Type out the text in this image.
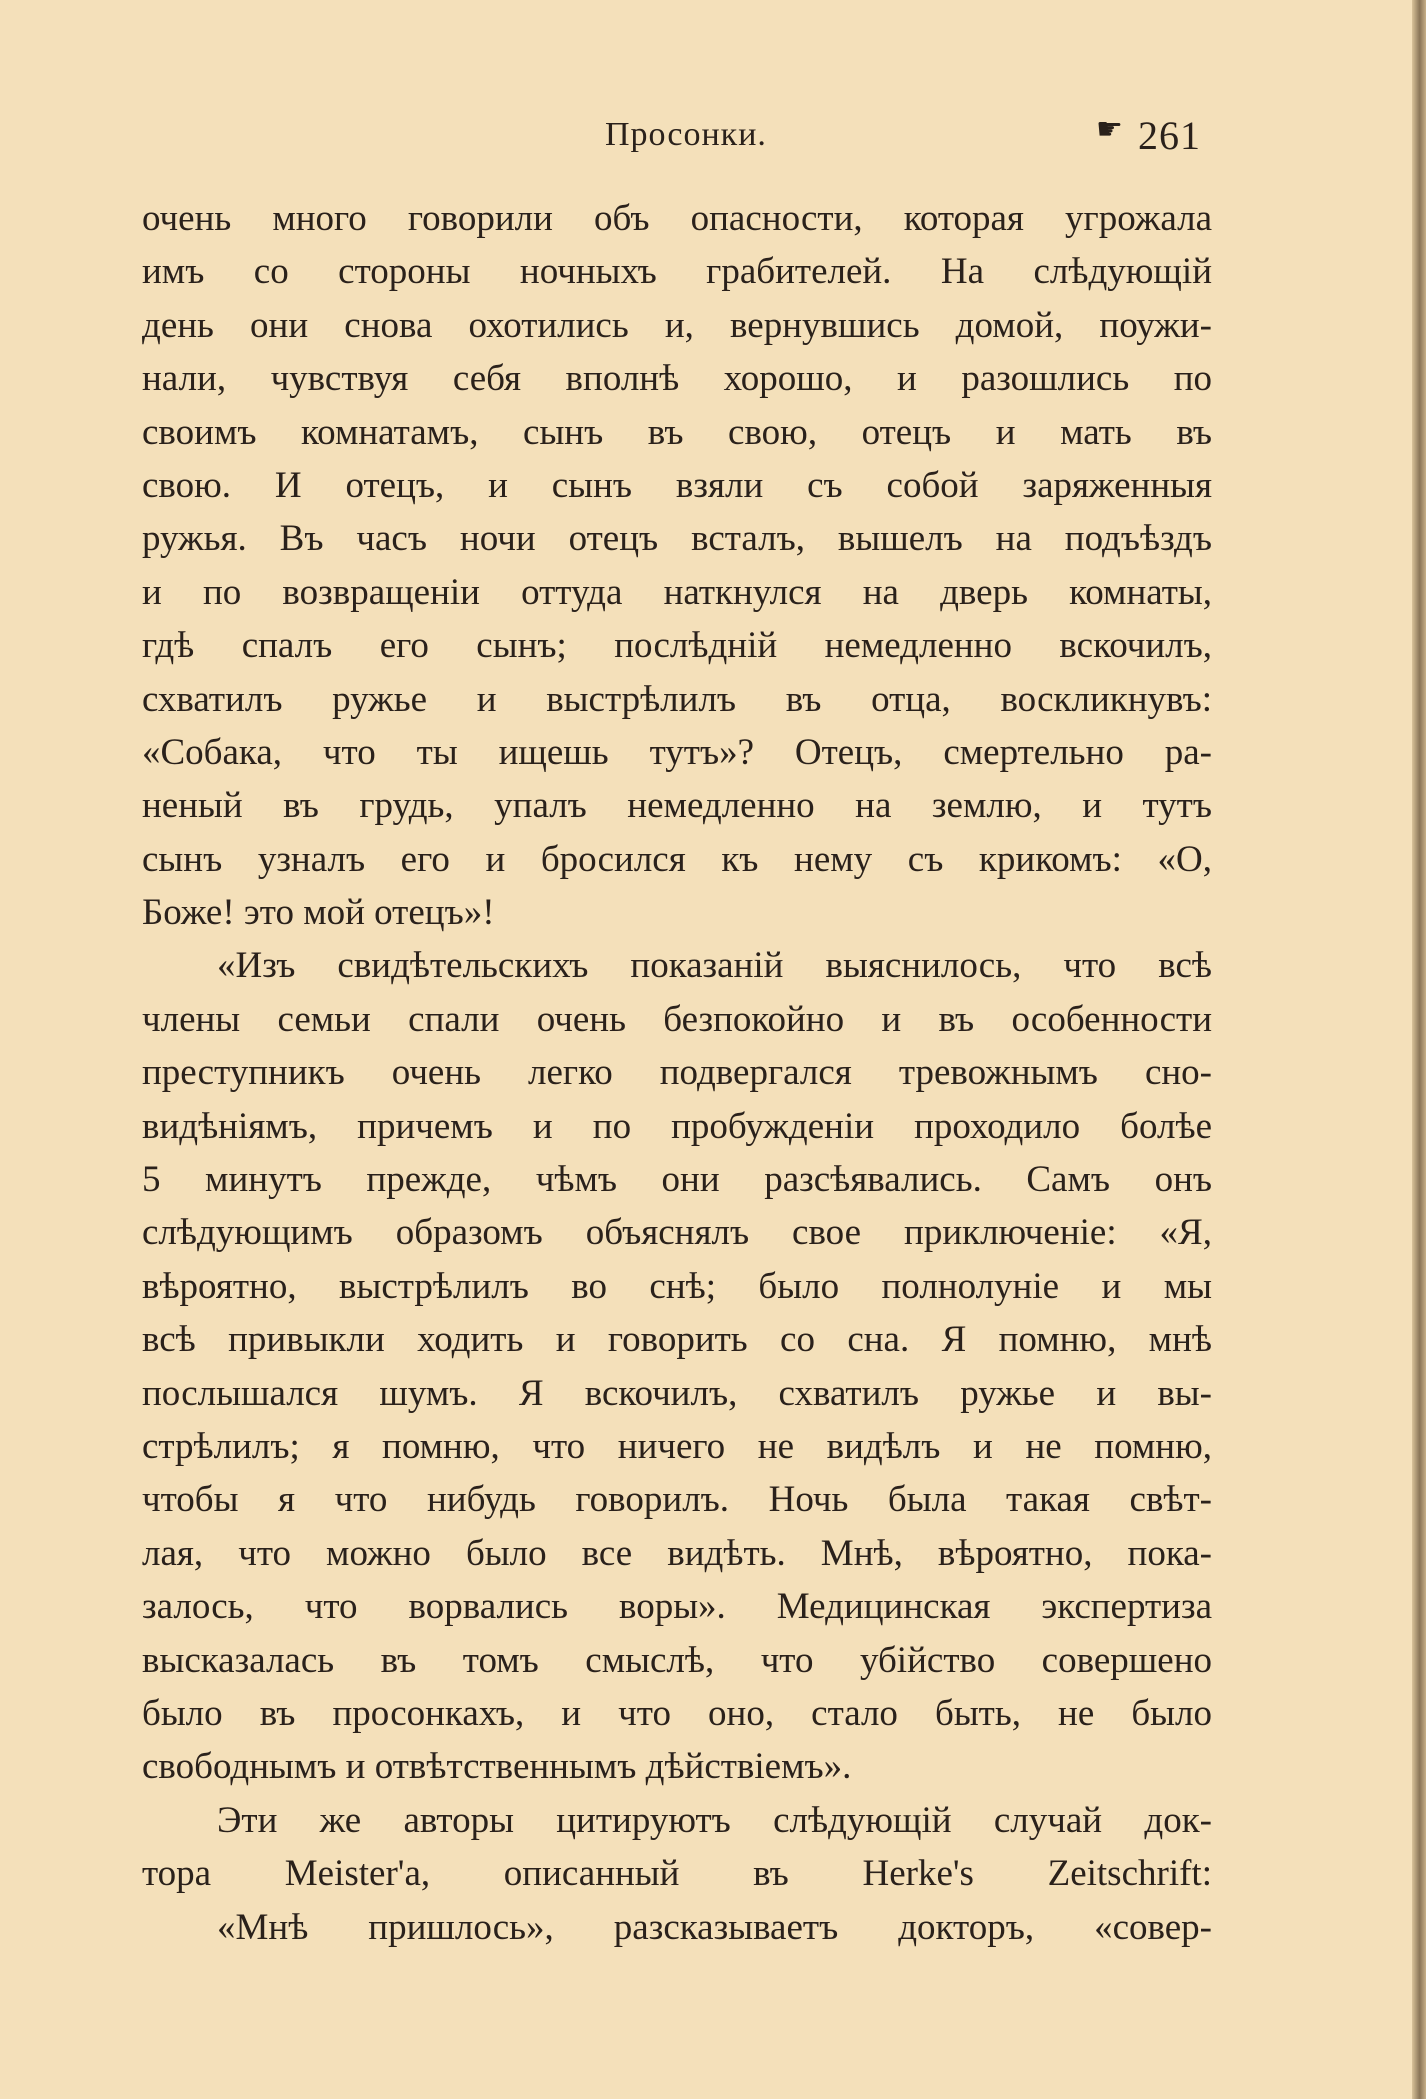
Просонки.	☛ 261
очень много говорили объ опасности, которая угрожала
имъ со стороны ночныхъ грабителей. На слѣдующій
день они снова охотились и, вернувшись домой, поужи-
нали, чувствуя себя вполнѣ хорошо, и разошлись по
своимъ комнатамъ, сынъ въ свою, отецъ и мать въ
свою. И отецъ, и сынъ взяли съ собой заряженныя
ружья. Въ часъ ночи отецъ всталъ, вышелъ на подъѣздъ
и по возвращеніи оттуда наткнулся на дверь комнаты,
гдѣ спалъ его сынъ; послѣдній немедленно вскочилъ,
схватилъ ружье и выстрѣлилъ въ отца, воскликнувъ:
«Собака, что ты ищешь тутъ»? Отецъ, смертельно ра-
неный въ грудь, упалъ немедленно на землю, и тутъ
сынъ узналъ его и бросился къ нему съ крикомъ: «О,
Боже! это мой отецъ»!
«Изъ свидѣтельскихъ показаній выяснилось, что всѣ
члены семьи спали очень безпокойно и въ особенности
преступникъ очень легко подвергался тревожнымъ сно-
видѣніямъ, причемъ и по пробужденіи проходило болѣе
5 минутъ прежде, чѣмъ они разсѣявались. Самъ онъ
слѣдующимъ образомъ объяснялъ свое приключеніе: «Я,
вѣроятно, выстрѣлилъ во снѣ; было полнолуніе и мы
всѣ привыкли ходить и говорить со сна. Я помню, мнѣ
послышался шумъ. Я вскочилъ, схватилъ ружье и вы-
стрѣлилъ; я помню, что ничего не видѣлъ и не помню,
чтобы я что нибудь говорилъ. Ночь была такая свѣт-
лая, что можно было все видѣть. Мнѣ, вѣроятно, пока-
залось, что ворвались воры». Медицинская экспертиза
высказалась въ томъ смыслѣ, что убійство совершено
было въ просонкахъ, и что оно, стало быть, не было
свободнымъ и отвѣтственнымъ дѣйствіемъ».
Эти же авторы цитируютъ слѣдующій случай док-
тора Meister'а, описанный въ Herke's Zeitschrift:
«Мнѣ пришлось», разсказываетъ докторъ, «совер-
